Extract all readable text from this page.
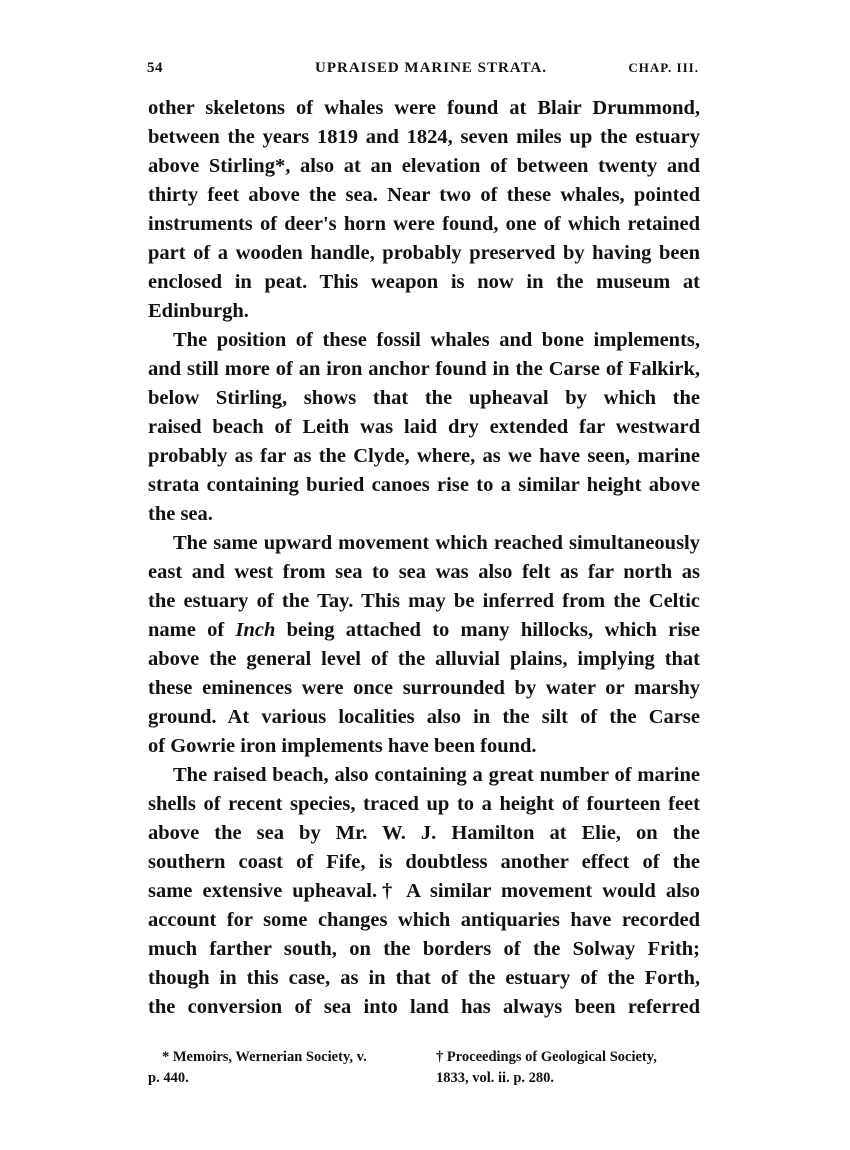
54	UPRAISED MARINE STRATA.	CHAP. III.
other skeletons of whales were found at Blair Drummond,
between the years 1819 and 1824, seven miles up the estuary
above Stirling*, also at an elevation of between twenty and
thirty feet above the sea. Near two of these whales, pointed
instruments of deer's horn were found, one of which retained
part of a wooden handle, probably preserved by having been
enclosed in peat. This weapon is now in the museum at
Edinburgh.
The position of these fossil whales and bone implements,
and still more of an iron anchor found in the Carse of Falkirk,
below Stirling, shows that the upheaval by which the
raised beach of Leith was laid dry extended far westward
probably as far as the Clyde, where, as we have seen, marine
strata containing buried canoes rise to a similar height above
the sea.
The same upward movement which reached simultaneously
east and west from sea to sea was also felt as far north as
the estuary of the Tay. This may be inferred from the Celtic
name of Inch being attached to many hillocks, which rise
above the general level of the alluvial plains, implying that
these eminences were once surrounded by water or marshy
ground. At various localities also in the silt of the Carse
of Gowrie iron implements have been found.
The raised beach, also containing a great number of marine
shells of recent species, traced up to a height of fourteen feet
above the sea by Mr. W. J. Hamilton at Elie, on the
southern coast of Fife, is doubtless another effect of the
same extensive upheaval.† A similar movement would also
account for some changes which antiquaries have recorded
much farther south, on the borders of the Solway Frith;
though in this case, as in that of the estuary of the Forth,
the conversion of sea into land has always been referred
* Memoirs, Wernerian Society, v.
p. 440.
† Proceedings of Geological Society,
1833, vol. ii. p. 280.
